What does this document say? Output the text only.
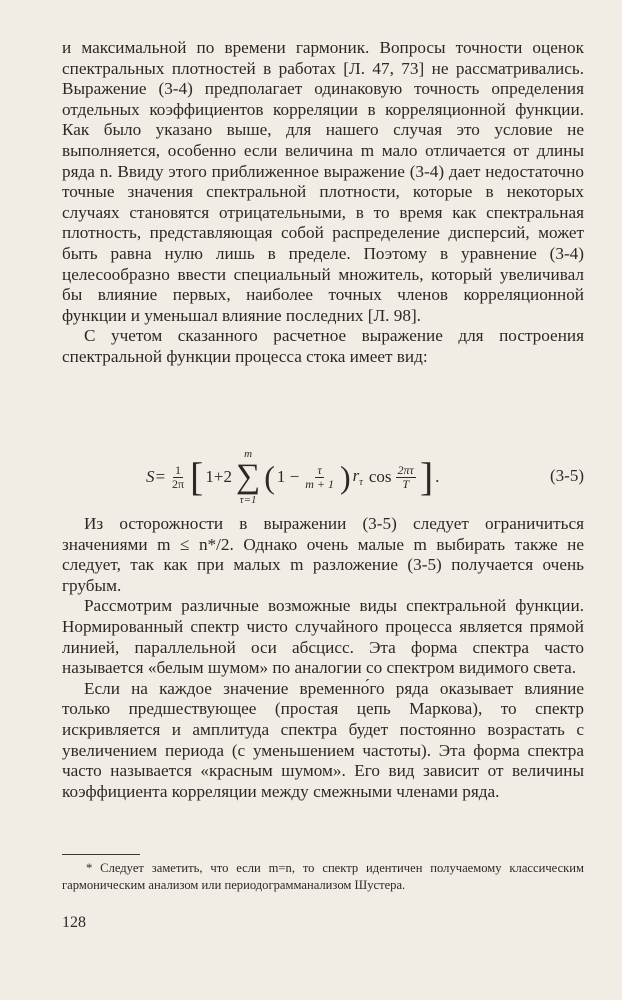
и максимальной по времени гармоник. Вопросы точности оценок спектральных плотностей в работах [Л. 47, 73] не рассматривались. Выражение (3-4) предполагает одинаковую точность определения отдельных коэффициентов корреляции в корреляционной функции. Как было указано выше, для нашего случая это условие не выполняется, особенно если величина m мало отличается от длины ряда n. Ввиду этого приближенное выражение (3-4) дает недостаточно точные значения спектральной плотности, которые в некоторых случаях становятся отрицательными, в то время как спектральная плотность, представляющая собой распределение дисперсий, может быть равна нулю лишь в пределе. Поэтому в уравнение (3-4) целесообразно ввести специальный множитель, который увеличивал бы влияние первых, наиболее точных членов корреляционной функции и уменьшал влияние последних [Л. 98].

С учетом сказанного расчетное выражение для построения спектральной функции процесса стока имеет вид:

$S= \frac{1}{2\pi}$ [ 1+2
m
∑
τ=1
( $1 - \frac{\tau}{m + 1}$ ) $r_\tau$ $\cos \frac{2\pi\tau}{T}$ ] .	(3-5)

Из осторожности в выражении (3-5) следует ограничиться значениями m ≤ n*/2. Однако очень малые m выбирать также не следует, так как при малых m разложение (3-5) получается очень грубым.

Рассмотрим различные возможные виды спектральной функции. Нормированный спектр чисто случайного процесса является прямой линией, параллельной оси абсцисс. Эта форма спектра часто называется «белым шумом» по аналогии со спектром видимого света.

Если на каждое значение временно́го ряда оказывает влияние только предшествующее (простая цепь Маркова), то спектр искривляется и амплитуда спектра будет постоянно возрастать с увеличением периода (с уменьшением частоты). Эта форма спектра часто называется «красным шумом». Его вид зависит от величины коэффициента корреляции между смежными членами ряда.

* Следует заметить, что если m=n, то спектр идентичен получаемому классическим гармоническим анализом или периодограмманализом Шустера.
128
